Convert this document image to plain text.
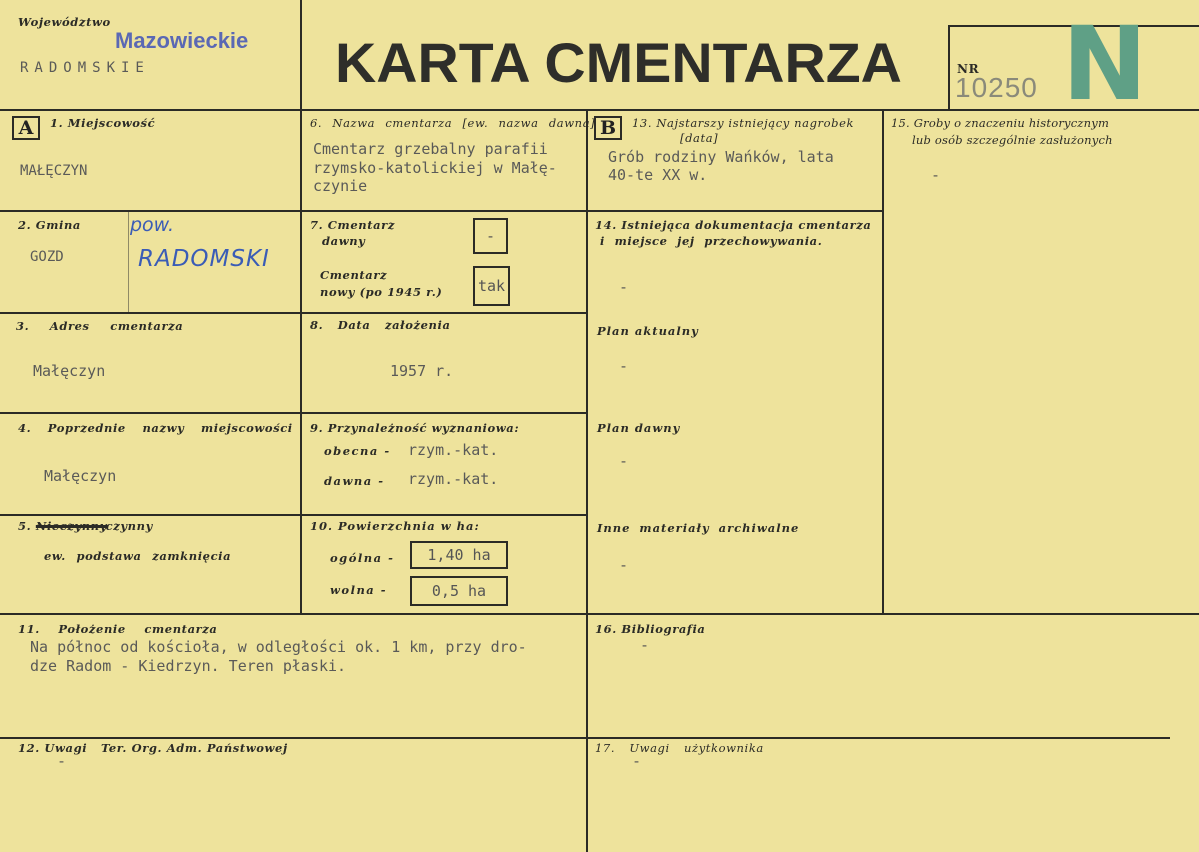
Województwo
Mazowieckie
RADOMSKIE	KARTA CMENTARZA	NR
10250 N
A	1. Miejscowość
MAŁĘCZYN
2. Gmina	pow.
GOZD	RADOMSKI
3. Adres cmentarza
Małęczyn
4. Poprzednie nazwy miejscowości
Małęczyn
5. Nieczynny czynny
ew. podstawa zamknięcia
6. Nazwa cmentarza [ew. nazwa dawna]
Cmentarz grzebalny parafii
rzymsko-katolickiej w Małę-
czynie
7. Cmentarz
dawny	-
Cmentarz
nowy (po 1945 r.)	tak
8. Data założenia
1957 r.
9. Przynależność wyznaniowa:
obecna - rzym.-kat.
dawna - rzym.-kat.
10. Powierzchnia w ha:
ogólna -	1,40 ha
wolna -	0,5 ha
B	13. Najstarszy istniejący nagrobek
[data]
Grób rodziny Wańków, lata
40-te XX w.
14. Istniejąca dokumentacja cmentarza
i miejsce jej przechowywania.
-
Plan aktualny
-
Plan dawny
-
Inne materiały archiwalne
-
15. Groby o znaczeniu historycznym
lub osób szczególnie zasłużonych
-
11. Położenie cmentarza
Na północ od kościoła, w odległości ok. 1 km, przy dro-
dze Radom - Kiedrzyn. Teren płaski.
16. Bibliografia
-
12. Uwagi   Ter. Org. Adm. Państwowej
-
17. Uwagi użytkownika
-
